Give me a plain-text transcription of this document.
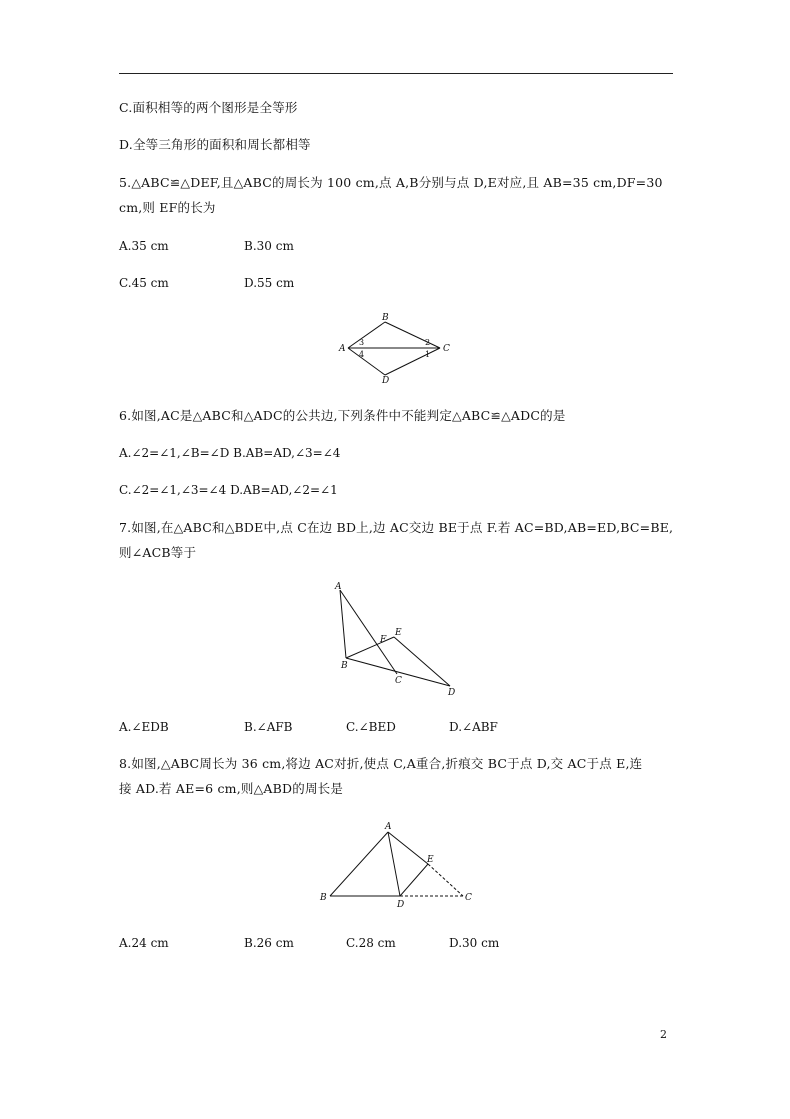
C.面积相等的两个图形是全等形
D.全等三角形的面积和周长都相等
5.△ABC≌△DEF,且△ABC的周长为 100 cm,点 A,B分别与点 D,E对应,且 AB=35 cm,DF=30
cm,则 EF的长为
A.35 cm	B.30 cm
C.45 cm	D.55 cm
A
B
C
D
3
4
2
1
6.如图,AC是△ABC和△ADC的公共边,下列条件中不能判定△ABC≌△ADC的是
A.∠2=∠1,∠B=∠D B.AB=AD,∠3=∠4
C.∠2=∠1,∠3=∠4 D.AB=AD,∠2=∠1
7.如图,在△ABC和△BDE中,点 C在边 BD上,边 AC交边 BE于点 F.若 AC=BD,AB=ED,BC=BE,
则∠ACB等于
A
B
C
D
E
F
A.∠EDB	B.∠AFB	C.∠BED	D.∠ABF
8.如图,△ABC周长为 36 cm,将边 AC对折,使点 C,A重合,折痕交 BC于点 D,交 AC于点 E,连
接 AD.若 AE=6 cm,则△ABD的周长是
A
B	C
D
E
A.24 cm	B.26 cm	C.28 cm	D.30 cm
2
